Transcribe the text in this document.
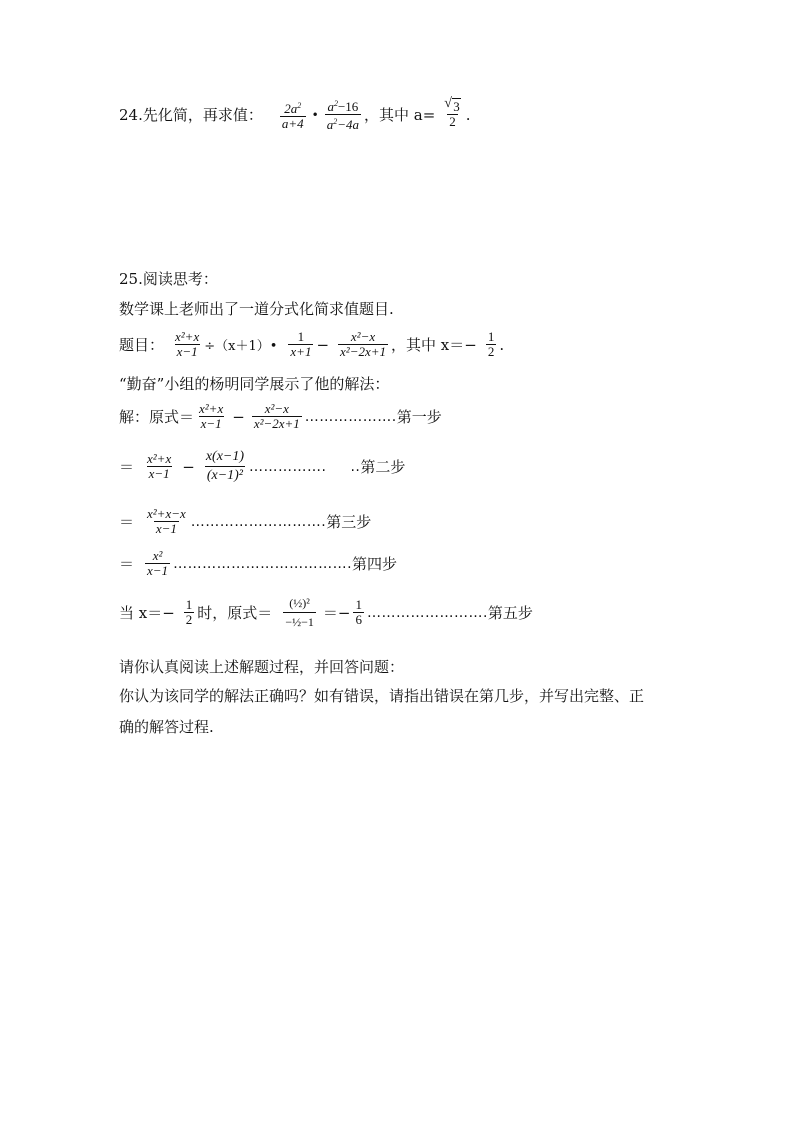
24.先化简，再求值： $\frac{2a^2}{a+4}$ • $\frac{a^2-16}{a^2-4a}$ ，其中 $a= \frac{√ 3}{2}$ .
25.阅读思考：
数学课上老师出了一道分式化简求值题目.
题目： $\frac{\text{x²+x}}{x-1}$ ÷（x＋1）• $\frac{1}{x+1} - \frac{\text{x²−x}}{\text{x²−2x+1}}$ ，其中 $x=- \frac{1}{2}$ .
“勤奋”小组的杨明同学展示了他的解法：
解：原式＝ $\frac{\text{x²+x}}{x-1} - \frac{\text{x²−x}}{\text{x²−2x+1}}$ ………………. 第一步
＝ $\frac{\text{x²+x}}{x-1} - \frac{x(x-1)}{\text{(x−1)²}}$ ……………. .. 第二步
＝ $\frac{\text{x²+x−x}}{x-1}$ ………………………. 第三步
＝ $\frac{\text{x²}}{x-1}$ ………………………………. 第四步
当 $x=- \frac{1}{2}$ 时，原式＝ $\frac{\text{(½)²}}{\text{−½−1}} =- \frac{1}{6}$ ……………………. 第五步
请你认真阅读上述解题过程，并回答问题：
你认为该同学的解法正确吗？如有错误，请指出错误在第几步，并写出完整、正
确的解答过程.
